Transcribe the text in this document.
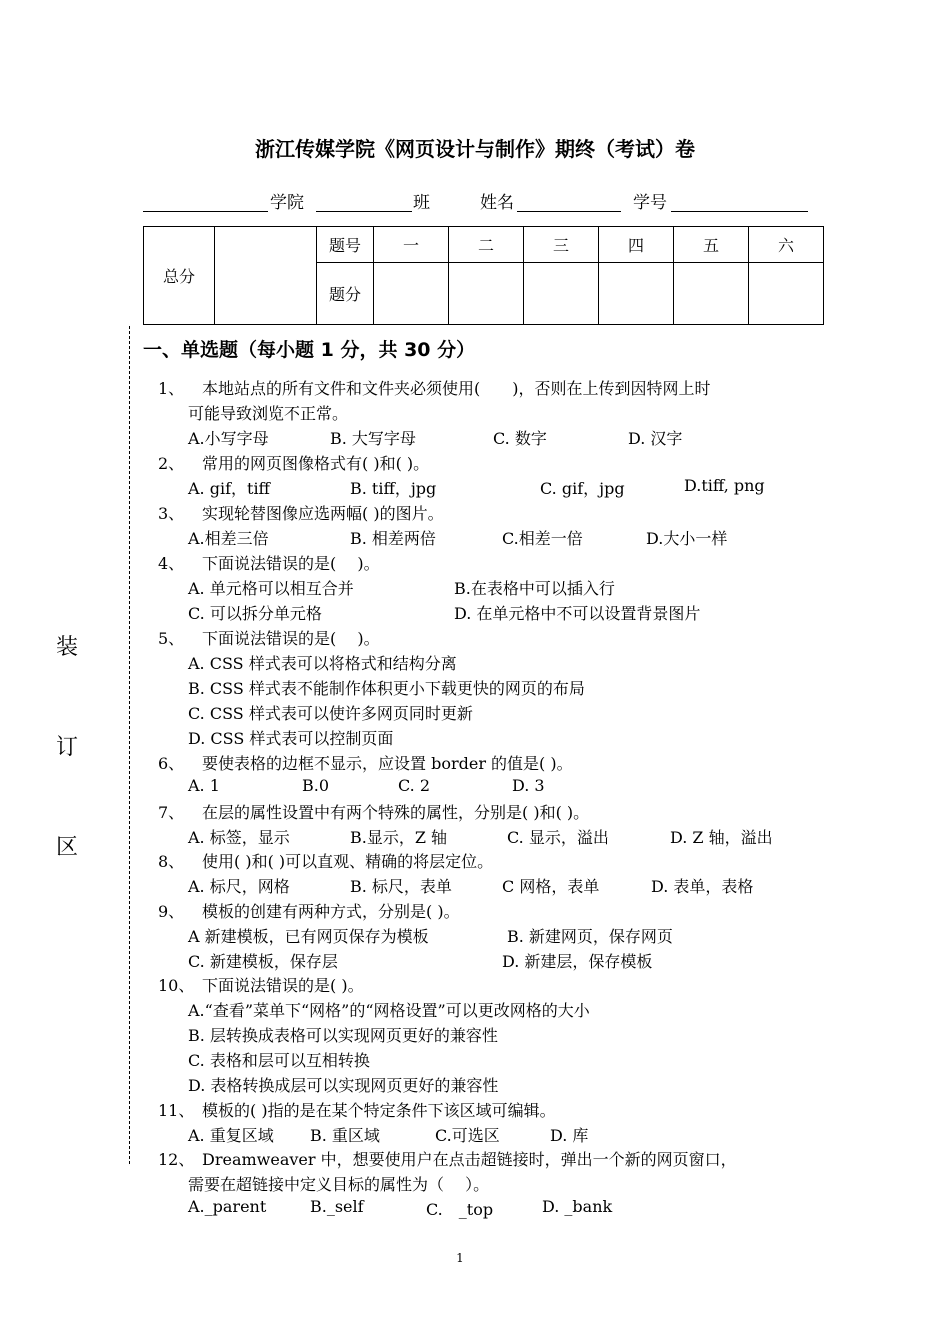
浙江传媒学院《网页设计与制作》期终（考试）卷
学院	班	姓名	学号
总分		题号	一	二	三	四	五	六
		题分						
装
订
区
一、单选题（每小题 1 分，共 30 分）
1、 本地站点的所有文件和文件夹必须使用(　　)，否则在上传到因特网上时
可能导致浏览不正常。
A.小写字母	B. 大写字母	C. 数字	D. 汉字
2、 常用的网页图像格式有( )和( )。
A. gif，tiff	B. tiff，jpg	C. gif，jpg	D.tiff, png
3、 实现轮替图像应选两幅( )的图片。
A.相差三倍	B. 相差两倍	C.相差一倍	D.大小一样
4、 下面说法错误的是(　 )。
A. 单元格可以相互合并	B.在表格中可以插入行
C. 可以拆分单元格	D. 在单元格中不可以设置背景图片
5、 下面说法错误的是(　 )。
A. CSS 样式表可以将格式和结构分离
B. CSS 样式表不能制作体积更小下载更快的网页的布局
C. CSS 样式表可以使许多网页同时更新
D. CSS 样式表可以控制页面
6、 要使表格的边框不显示，应设置 border 的值是( )。
A. 1	B.0	C. 2	D. 3
7、 在层的属性设置中有两个特殊的属性，分别是( )和( )。
A. 标签，显示	B.显示，Z 轴	C. 显示，溢出	D. Z 轴，溢出
8、 使用( )和( )可以直观、精确的将层定位。
A. 标尺，网格	B. 标尺，表单	C 网格，表单	D. 表单，表格
9、 模板的创建有两种方式，分别是( )。
A 新建模板，已有网页保存为模板	B. 新建网页，保存网页
C. 新建模板，保存层	D. 新建层，保存模板
10、 下面说法错误的是( )。
A.“查看”菜单下“网格”的“网格设置”可以更改网格的大小
B. 层转换成表格可以实现网页更好的兼容性
C. 表格和层可以互相转换
D. 表格转换成层可以实现网页更好的兼容性
11、 模板的( )指的是在某个特定条件下该区域可编辑。
A. 重复区域 B. 重区域	C.可选区	D. 库
12、 Dreamweaver 中，想要使用户在点击超链接时，弹出一个新的网页窗口，
需要在超链接中定义目标的属性为（　 ）。
A._parent	B._self	C.　_top	D. _bank
1
